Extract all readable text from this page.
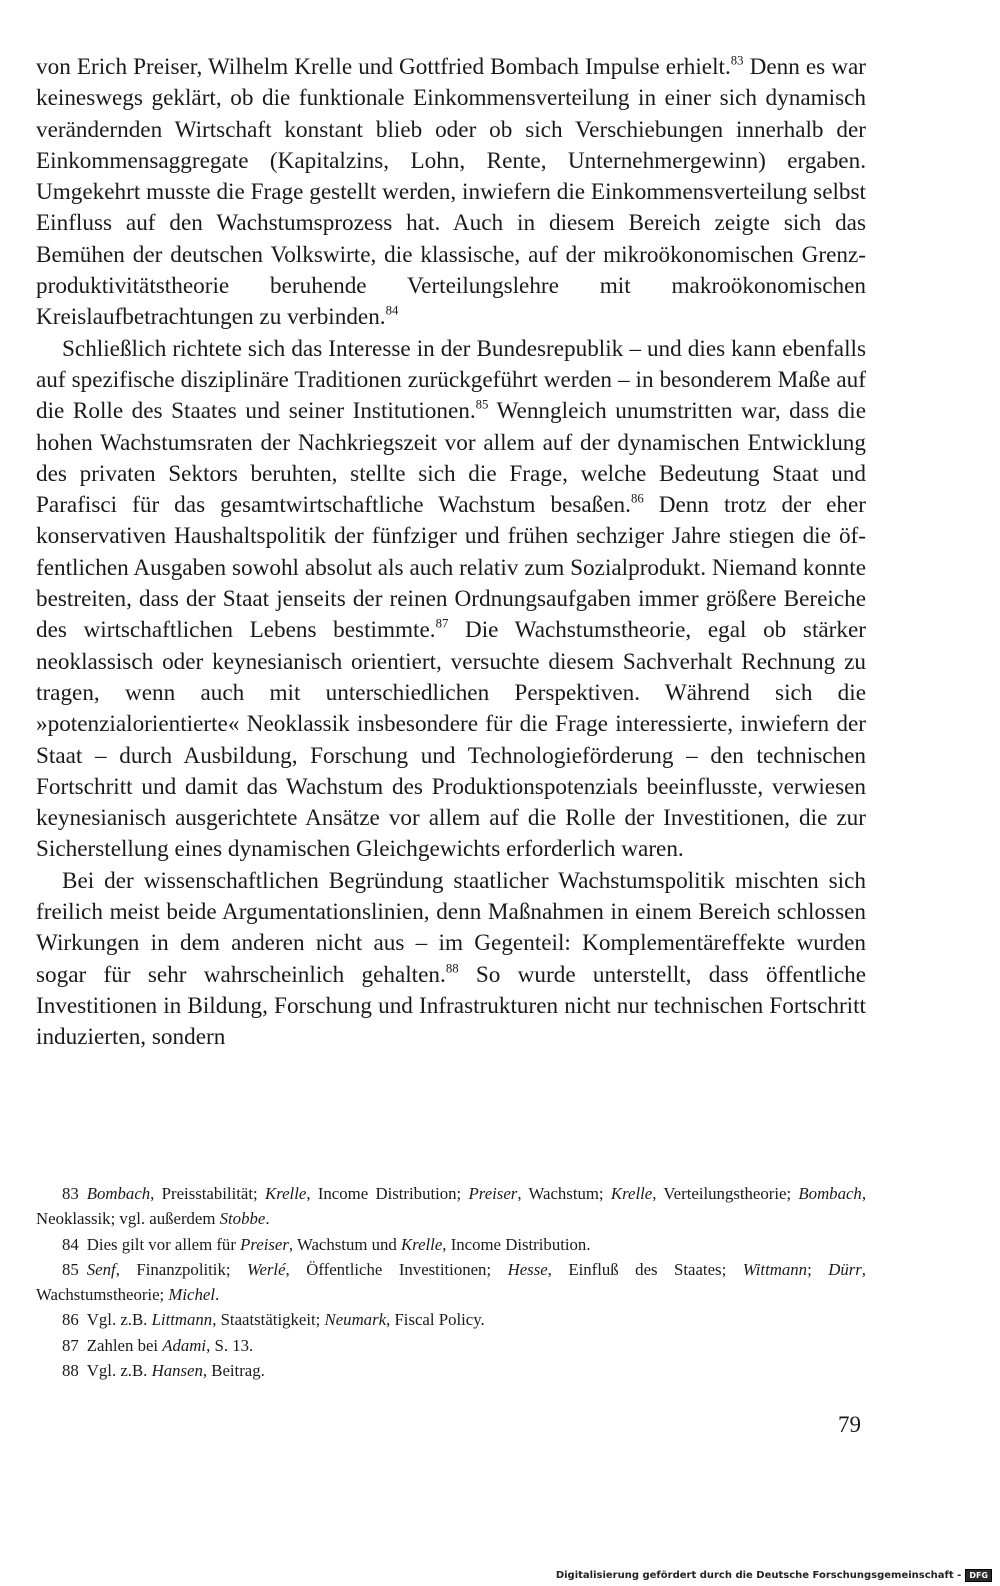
von Erich Preiser, Wilhelm Krelle und Gottfried Bombach Impulse erhielt.$^{83}$ Denn es war keineswegs geklärt, ob die funktionale Einkommensverteilung in einer sich dynamisch verändernden Wirtschaft konstant blieb oder ob sich Verschiebungen innerhalb der Einkommensaggregate (Kapitalzins, Lohn, Rente, Unternehmergewinn) ergaben. Umgekehrt musste die Frage gestellt werden, inwiefern die Einkommensverteilung selbst Einfluss auf den Wachstumsprozess hat. Auch in diesem Bereich zeigte sich das Bemühen der deutschen Volkswirte, die klassische, auf der mikroökonomischen Grenzproduktivitätstheorie beruhende Verteilungslehre mit makroökonomischen Kreislaufbetrachtungen zu verbinden.$^{84}$

Schließlich richtete sich das Interesse in der Bundesrepublik – und dies kann ebenfalls auf spezifische disziplinäre Traditionen zurückgeführt werden – in besonderem Maße auf die Rolle des Staates und seiner Institutionen.$^{85}$ Wenngleich unumstritten war, dass die hohen Wachstumsraten der Nachkriegszeit vor allem auf der dynamischen Entwicklung des privaten Sektors beruhten, stellte sich die Frage, welche Bedeutung Staat und Parafisci für das gesamtwirtschaftliche Wachstum besaßen.$^{86}$ Denn trotz der eher konservativen Haushaltspolitik der fünfziger und frühen sechziger Jahre stiegen die öffentlichen Ausgaben sowohl absolut als auch relativ zum Sozialprodukt. Niemand konnte bestreiten, dass der Staat jenseits der reinen Ordnungsaufgaben immer größere Bereiche des wirtschaftlichen Lebens bestimmte.$^{87}$ Die Wachstumstheorie, egal ob stärker neoklassisch oder keynesianisch orientiert, versuchte diesem Sachverhalt Rechnung zu tragen, wenn auch mit unterschiedlichen Perspektiven. Während sich die »potenzialorientierte« Neoklassik insbesondere für die Frage interessierte, inwiefern der Staat – durch Ausbildung, Forschung und Technologieförderung – den technischen Fortschritt und damit das Wachstum des Produktionspotenzials beeinflusste, verwiesen keynesianisch ausgerichtete Ansätze vor allem auf die Rolle der Investitionen, die zur Sicherstellung eines dynamischen Gleichgewichts erforderlich waren.

Bei der wissenschaftlichen Begründung staatlicher Wachstumspolitik mischten sich freilich meist beide Argumentationslinien, denn Maßnahmen in einem Bereich schlossen Wirkungen in dem anderen nicht aus – im Gegenteil: Komplementäreffekte wurden sogar für sehr wahrscheinlich gehalten.$^{88}$ So wurde unterstellt, dass öffentliche Investitionen in Bildung, Forschung und Infrastrukturen nicht nur technischen Fortschritt induzierten, sondern

83 Bombach, Preisstabilität; Krelle, Income Distribution; Preiser, Wachstum; Krelle, Verteilungstheorie; Bombach, Neoklassik; vgl. außerdem Stobbe.

84 Dies gilt vor allem für Preiser, Wachstum und Krelle, Income Distribution.

85 Senf, Finanzpolitik; Werlé, Öffentliche Investitionen; Hesse, Einfluß des Staates; Wittmann; Dürr, Wachstumstheorie; Michel.

86 Vgl. z.B. Littmann, Staatstätigkeit; Neumark, Fiscal Policy.

87 Zahlen bei Adami, S. 13.

88 Vgl. z.B. Hansen, Beitrag.

79
Digitalisierung gefördert durch die Deutsche Forschungsgemeinschaft -	DFG
